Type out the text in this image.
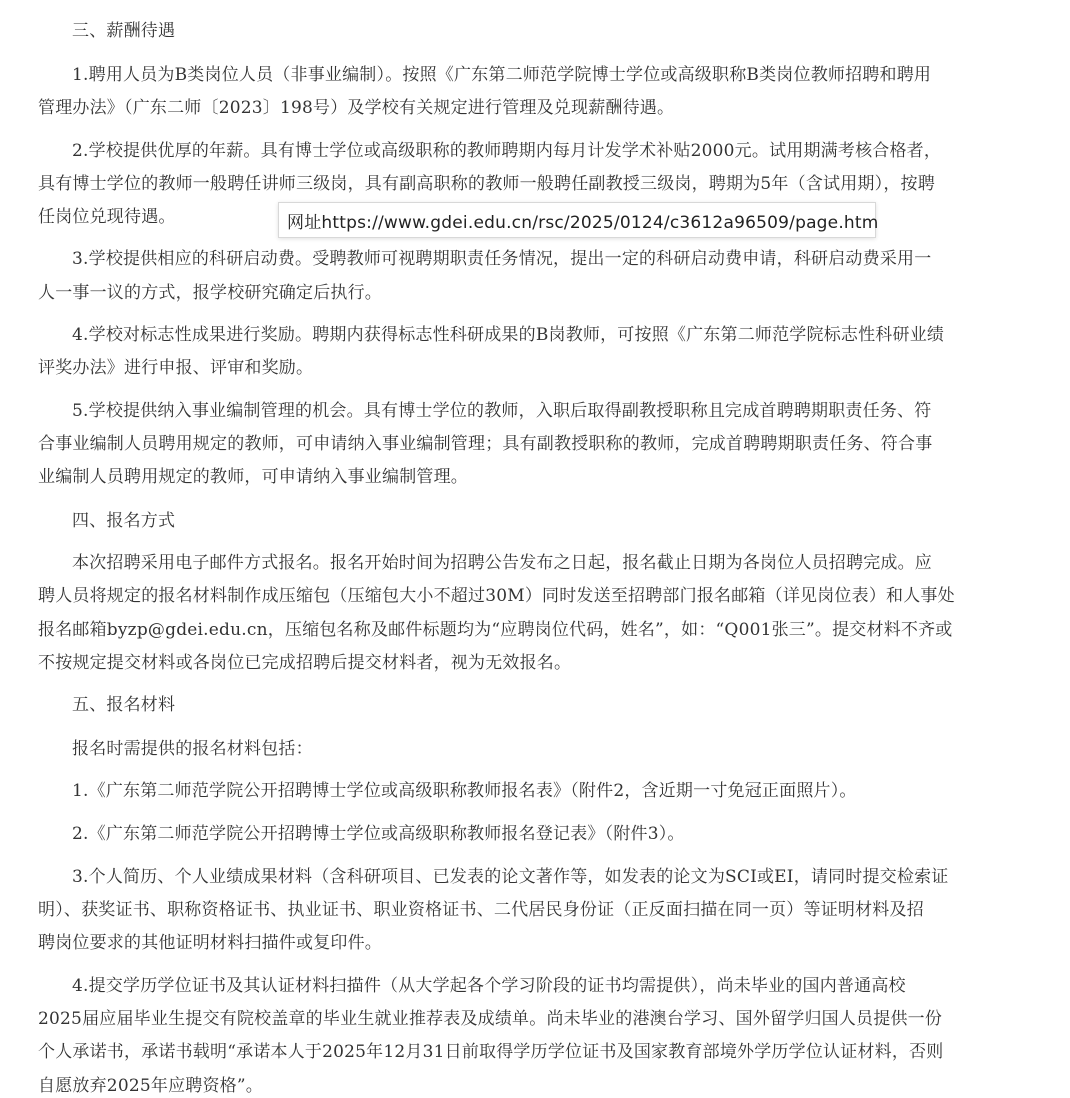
三、薪酬待遇

1.聘用人员为B类岗位人员（非事业编制）。按照《广东第二师范学院博士学位或高级职称B类岗位教师招聘和聘用

管理办法》（广东二师〔2023〕198号）及学校有关规定进行管理及兑现薪酬待遇。

2.学校提供优厚的年薪。具有博士学位或高级职称的教师聘期内每月计发学术补贴2000元。试用期满考核合格者，

具有博士学位的教师一般聘任讲师三级岗，具有副高职称的教师一般聘任副教授三级岗，聘期为5年（含试用期），按聘

任岗位兑现待遇。

3.学校提供相应的科研启动费。受聘教师可视聘期职责任务情况，提出一定的科研启动费申请，科研启动费采用一

人一事一议的方式，报学校研究确定后执行。

4.学校对标志性成果进行奖励。聘期内获得标志性科研成果的B岗教师，可按照《广东第二师范学院标志性科研业绩

评奖办法》进行申报、评审和奖励。

5.学校提供纳入事业编制管理的机会。具有博士学位的教师，入职后取得副教授职称且完成首聘聘期职责任务、符

合事业编制人员聘用规定的教师，可申请纳入事业编制管理；具有副教授职称的教师，完成首聘聘期职责任务、符合事

业编制人员聘用规定的教师，可申请纳入事业编制管理。

四、报名方式

本次招聘采用电子邮件方式报名。报名开始时间为招聘公告发布之日起，报名截止日期为各岗位人员招聘完成。应

聘人员将规定的报名材料制作成压缩包（压缩包大小不超过30M）同时发送至招聘部门报名邮箱（详见岗位表）和人事处

报名邮箱byzp@gdei.edu.cn，压缩包名称及邮件标题均为“应聘岗位代码，姓名”，如：“Q001张三”。提交材料不齐或

不按规定提交材料或各岗位已完成招聘后提交材料者，视为无效报名。

五、报名材料

报名时需提供的报名材料包括：

1.《广东第二师范学院公开招聘博士学位或高级职称教师报名表》（附件2，含近期一寸免冠正面照片）。

2.《广东第二师范学院公开招聘博士学位或高级职称教师报名登记表》（附件3）。

3.个人简历、个人业绩成果材料（含科研项目、已发表的论文著作等，如发表的论文为SCI或EI，请同时提交检索证

明）、获奖证书、职称资格证书、执业证书、职业资格证书、二代居民身份证（正反面扫描在同一页）等证明材料及招

聘岗位要求的其他证明材料扫描件或复印件。

4.提交学历学位证书及其认证材料扫描件（从大学起各个学习阶段的证书均需提供），尚未毕业的国内普通高校

2025届应届毕业生提交有院校盖章的毕业生就业推荐表及成绩单。尚未毕业的港澳台学习、国外留学归国人员提供一份

个人承诺书，承诺书载明“承诺本人于2025年12月31日前取得学历学位证书及国家教育部境外学历学位认证材料，否则

自愿放弃2025年应聘资格”。

网址https://www.gdei.edu.cn/rsc/2025/0124/c3612a96509/page.htm
